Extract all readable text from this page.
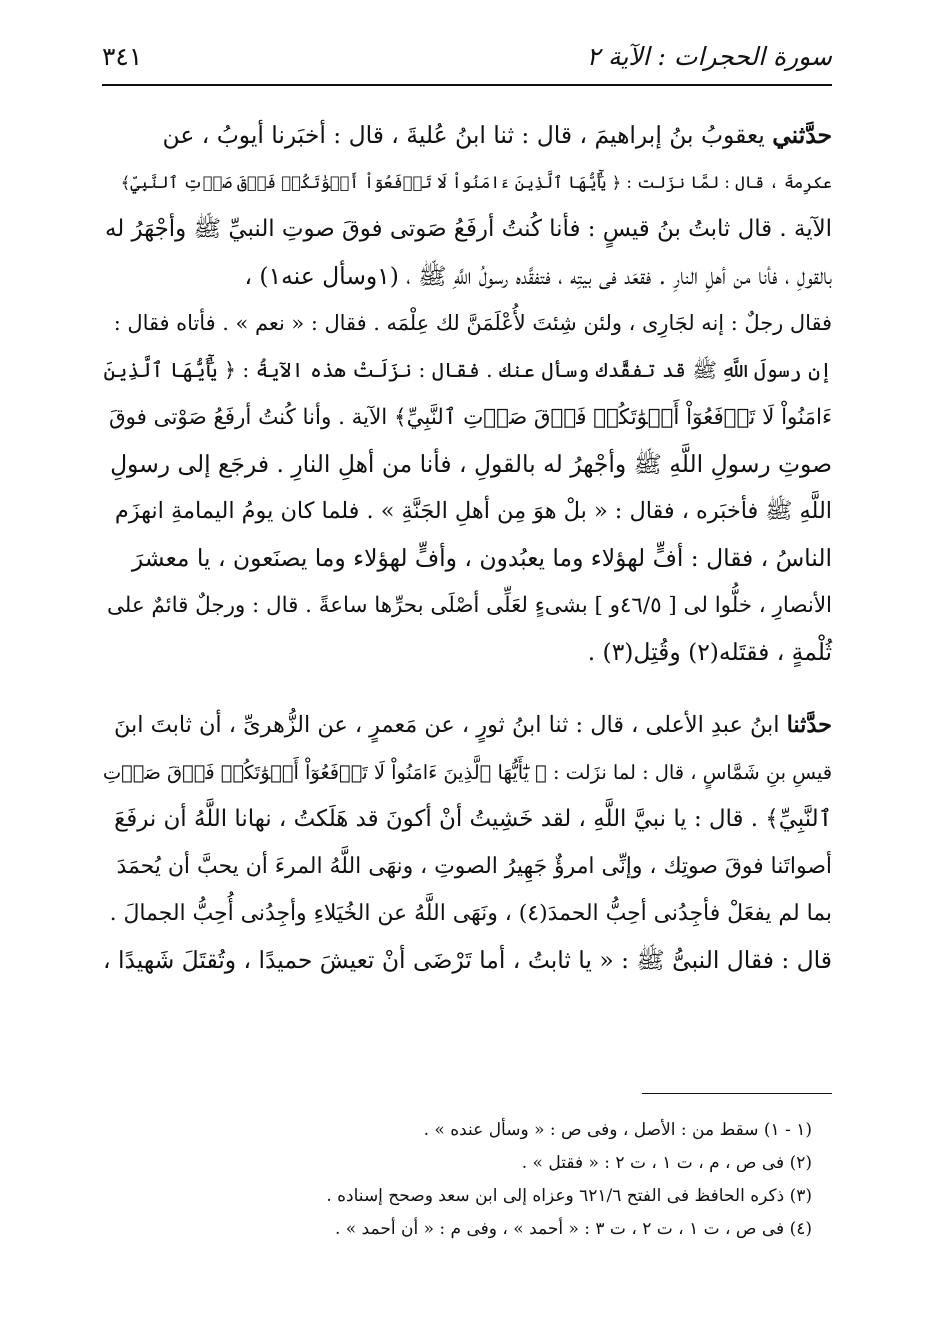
سورة الحجرات : الآية ٢
٣٤١
حدَّثني يعقوبُ بنُ إبراهيمَ ، قال : ثنا ابنُ عُليةَ ، قال : أخبَرنا أيوبُ ، عن
عكرِمةَ ، قال : لمَّا نزَلت : ﴿ يَٰٓأَيُّهَا ٱلَّذِينَ ءَامَنُواْ لَا تَرۡفَعُوٓاْ أَصۡوَٰتَكُمۡ فَوۡقَ صَوۡتِ ٱلنَّبِيِّ﴾
الآية . قال ثابتُ بنُ قيسٍ : فأنا كُنتُ أرفَعُ صَوتى فوقَ صوتِ النبيِّ ﷺ وأجْهَرُ له
بالقولِ ، فأنا من أهلِ النارِ . فقعَد فى بيتِه ، فتفقَّده رسولُ اللَّهِ ﷺ ، (١وسأل عنه١) ،
فقال رجلٌ : إنه لجَارِى ، ولئن شِئتَ لأُعْلَمَنَّ لك عِلْمَه . فقال : « نعم » . فأتاه فقال :
إن رسولَ اللَّهِ ﷺ قد تفقَّدك وسأل عنك . فقال : نزَلَتْ هذه الآيةُ : ﴿ يَٰٓأَيُّهَا ٱلَّذِينَ
ءَامَنُواْ لَا تَرۡفَعُوٓاْ أَصۡوَٰتَكُمۡ فَوۡقَ صَوۡتِ ٱلنَّبِيِّ﴾ الآية . وأنا كُنتُ أرفَعُ صَوْتى فوقَ
صوتِ رسولِ اللَّهِ ﷺ وأجْهرُ له بالقولِ ، فأنا من أهلِ النارِ . فرجَع إلى رسولِ
اللَّهِ ﷺ فأخبَره ، فقال : « بلْ هوَ مِن أهلِ الجَنَّةِ » . فلما كان يومُ اليمامةِ انهزَم
الناسُ ، فقال : أفٍّ لهؤلاء وما يعبُدون ، وأفٍّ لهؤلاء وما يصنَعون ، يا معشرَ
الأنصارِ ، خلُّوا لى [ ٤٦/٥و ] بشىءٍ لعَلِّى أصْلَى بحرِّها ساعةً . قال : ورجلٌ قائمٌ على
ثُلْمةٍ ، فقتَله(٢) وقُتِل(٣) .
حدَّثنا ابنُ عبدِ الأعلى ، قال : ثنا ابنُ ثورٍ ، عن مَعمرٍ ، عن الزُّهرىِّ ، أن ثابتَ ابنَ
قيسِ بنِ شَمَّاسٍ ، قال : لما نزَلت : ﴿ يَٰٓأَيُّهَا ٱلَّذِينَ ءَامَنُواْ لَا تَرۡفَعُوٓاْ أَصۡوَٰتَكُمۡ فَوۡقَ صَوۡتِ
ٱلنَّبِيِّ﴾ . قال : يا نبيَّ اللَّهِ ، لقد خَشِيتُ أنْ أكونَ قد هَلَكتُ ، نهانا اللَّهُ أن نرفَعَ
أصواتَنا فوقَ صوتِك ، وإنِّى امرؤٌ جَهِيرُ الصوتِ ، ونهَى اللَّهُ المرءَ أن يحبَّ أن يُحمَدَ
بما لم يفعَلْ فأجِدُنى أحِبُّ الحمدَ(٤) ، ونَهَى اللَّهُ عن الخُيَلاءِ وأجِدُنى أُحِبُّ الجمالَ .
قال : فقال النبىُّ ﷺ : « يا ثابتُ ، أما تَرْضَى أنْ تعيشَ حميدًا ، وتُقتَلَ شَهيدًا ،
(١ - ١) سقط من : الأصل ، وفى ص : « وسأل عنده » .
(٢) فى ص ، م ، ت ١ ، ت ٢ : « فقتل » .
(٣) ذكره الحافظ فى الفتح ٦٢١/٦ وعزاه إلى ابن سعد وصحح إسناده .
(٤) فى ص ، ت ١ ، ت ٢ ، ت ٣ : « أحمد » ، وفى م : « أن أحمد » .
